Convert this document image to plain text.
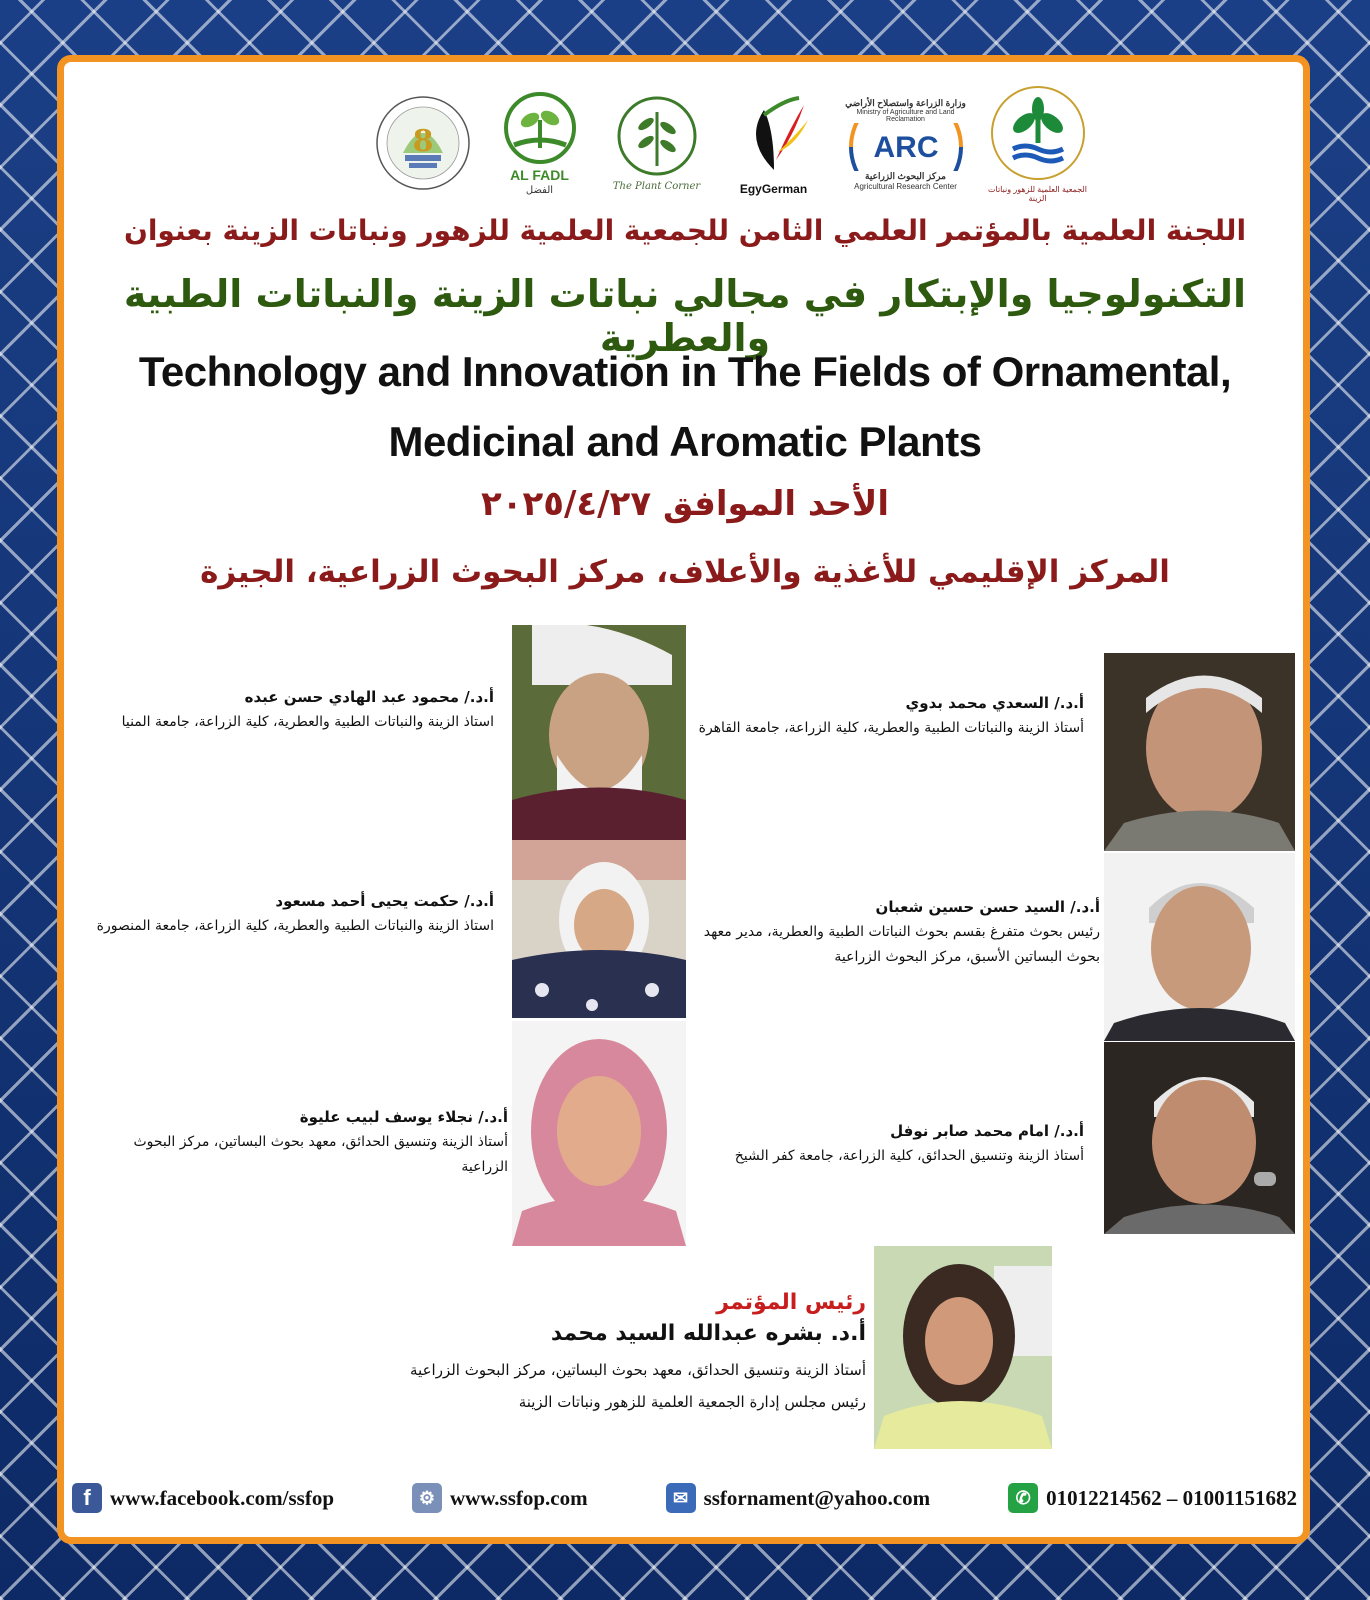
8
AL FADL
الفضل	The Plant Corner	EgyGerman
وزارة الزراعة واستصلاح الأراضي
Ministry of Agriculture and Land Reclamation
ARC
مركز البحوث الزراعية
Agricultural Research Center	الجمعية العلمية للزهور ونباتات الزينة

اللجنة العلمية بالمؤتمر العلمي الثامن للجمعية العلمية للزهور ونباتات الزينة بعنوان

التكنولوجيا والإبتكار في مجالي نباتات الزينة والنباتات الطبية والعطرية

Technology and Innovation in The Fields of Ornamental,

Medicinal and Aromatic Plants

الأحد الموافق ٢٠٢٥/٤/٢٧

المركز الإقليمي للأغذية والأعلاف، مركز البحوث الزراعية، الجيزة

أ.د./ محمود عبد الهادي حسن عبده

استاذ الزينة والنباتات الطبية والعطرية، كلية الزراعة، جامعة المنيا

أ.د./ السعدي محمد بدوي

أستاذ الزينة والنباتات الطبية والعطرية، كلية الزراعة، جامعة القاهرة

أ.د./ حكمت يحيى أحمد مسعود

استاذ الزينة والنباتات الطبية والعطرية، كلية الزراعة، جامعة المنصورة

أ.د./ السيد حسن حسين شعبان

رئيس بحوث متفرغ بقسم بحوث النباتات الطبية والعطرية، مدير معهد بحوث البساتين الأسبق، مركز البحوث الزراعية

أ.د./ نجلاء يوسف لبيب عليوة

أستاذ الزينة وتنسيق الحدائق، معهد بحوث البساتين، مركز البحوث الزراعية

أ.د./ امام محمد صابر نوفل

أستاذ الزينة وتنسيق الحدائق، كلية الزراعة، جامعة كفر الشيخ

رئيس المؤتمر

أ.د. بشره عبدالله السيد محمد

أستاذ الزينة وتنسيق الحدائق، معهد بحوث البساتين، مركز البحوث الزراعية

رئيس مجلس إدارة الجمعية العلمية للزهور ونباتات الزينة

f www.facebook.com/ssfop	⚙ www.ssfop.com	✉ ssfornament@yahoo.com	✆ 01012214562 – 01001151682
